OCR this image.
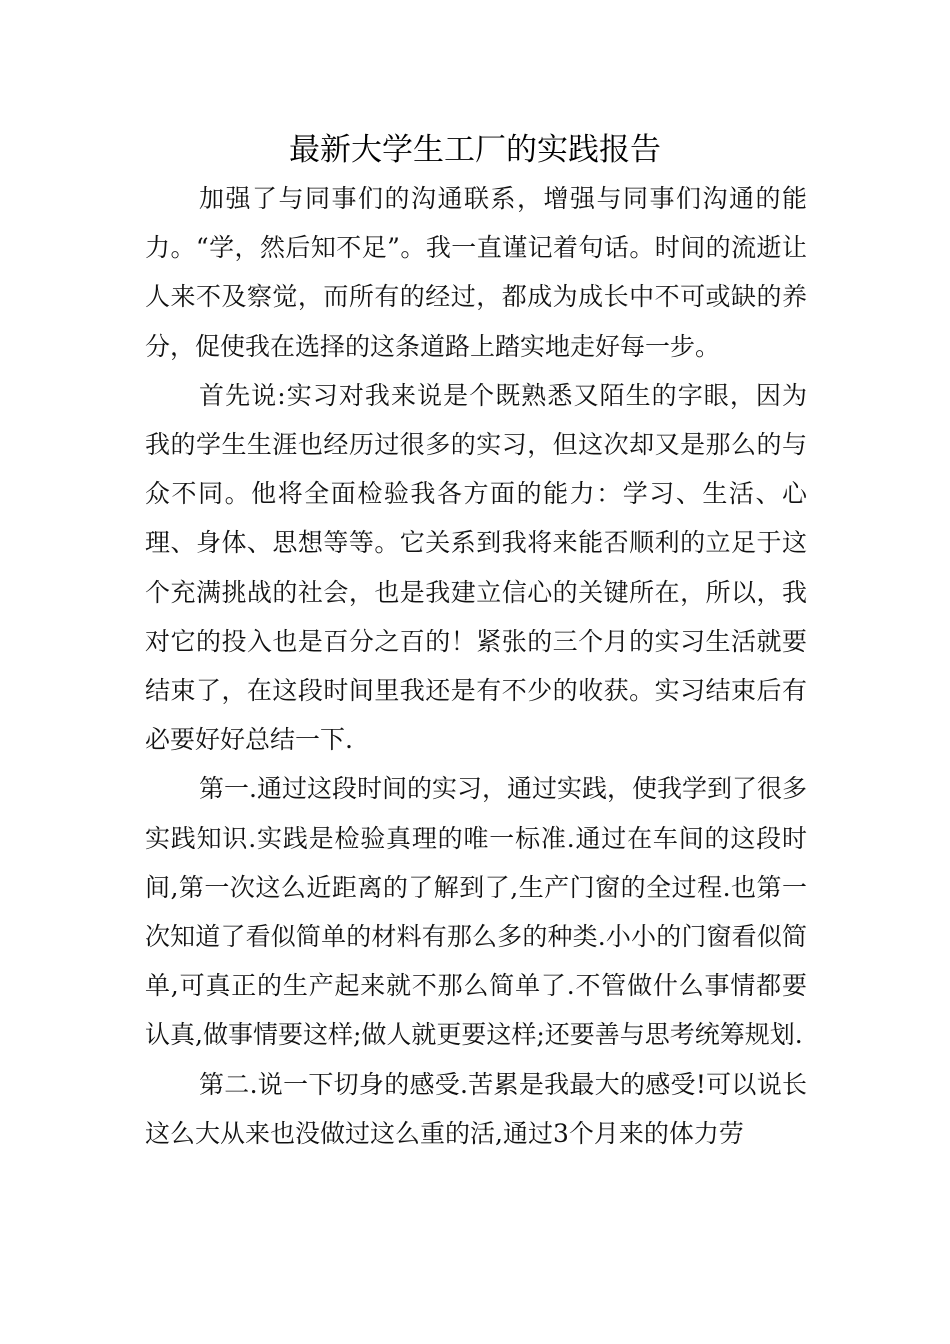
最新大学生工厂的实践报告

加强了与同事们的沟通联系，增强与同事们沟通的能力。“学，然后知不足”。我一直谨记着句话。时间的流逝让人来不及察觉，而所有的经过，都成为成长中不可或缺的养分，促使我在选择的这条道路上踏实地走好每一步。

首先说:实习对我来说是个既熟悉又陌生的字眼，因为我的学生生涯也经历过很多的实习，但这次却又是那么的与众不同。他将全面检验我各方面的能力：学习、生活、心理、身体、思想等等。它关系到我将来能否顺利的立足于这个充满挑战的社会，也是我建立信心的关键所在，所以，我对它的投入也是百分之百的！紧张的三个月的实习生活就要结束了，在这段时间里我还是有不少的收获。实习结束后有必要好好总结一下.

第一.通过这段时间的实习，通过实践，使我学到了很多实践知识.实践是检验真理的唯一标准.通过在车间的这段时间,第一次这么近距离的了解到了,生产门窗的全过程.也第一次知道了看似简单的材料有那么多的种类.小小的门窗看似简单,可真正的生产起来就不那么简单了.不管做什么事情都要认真,做事情要这样;做人就更要这样;还要善与思考统筹规划.

第二.说一下切身的感受.苦累是我最大的感受!可以说长这么大从来也没做过这么重的活,通过3个月来的体力劳
